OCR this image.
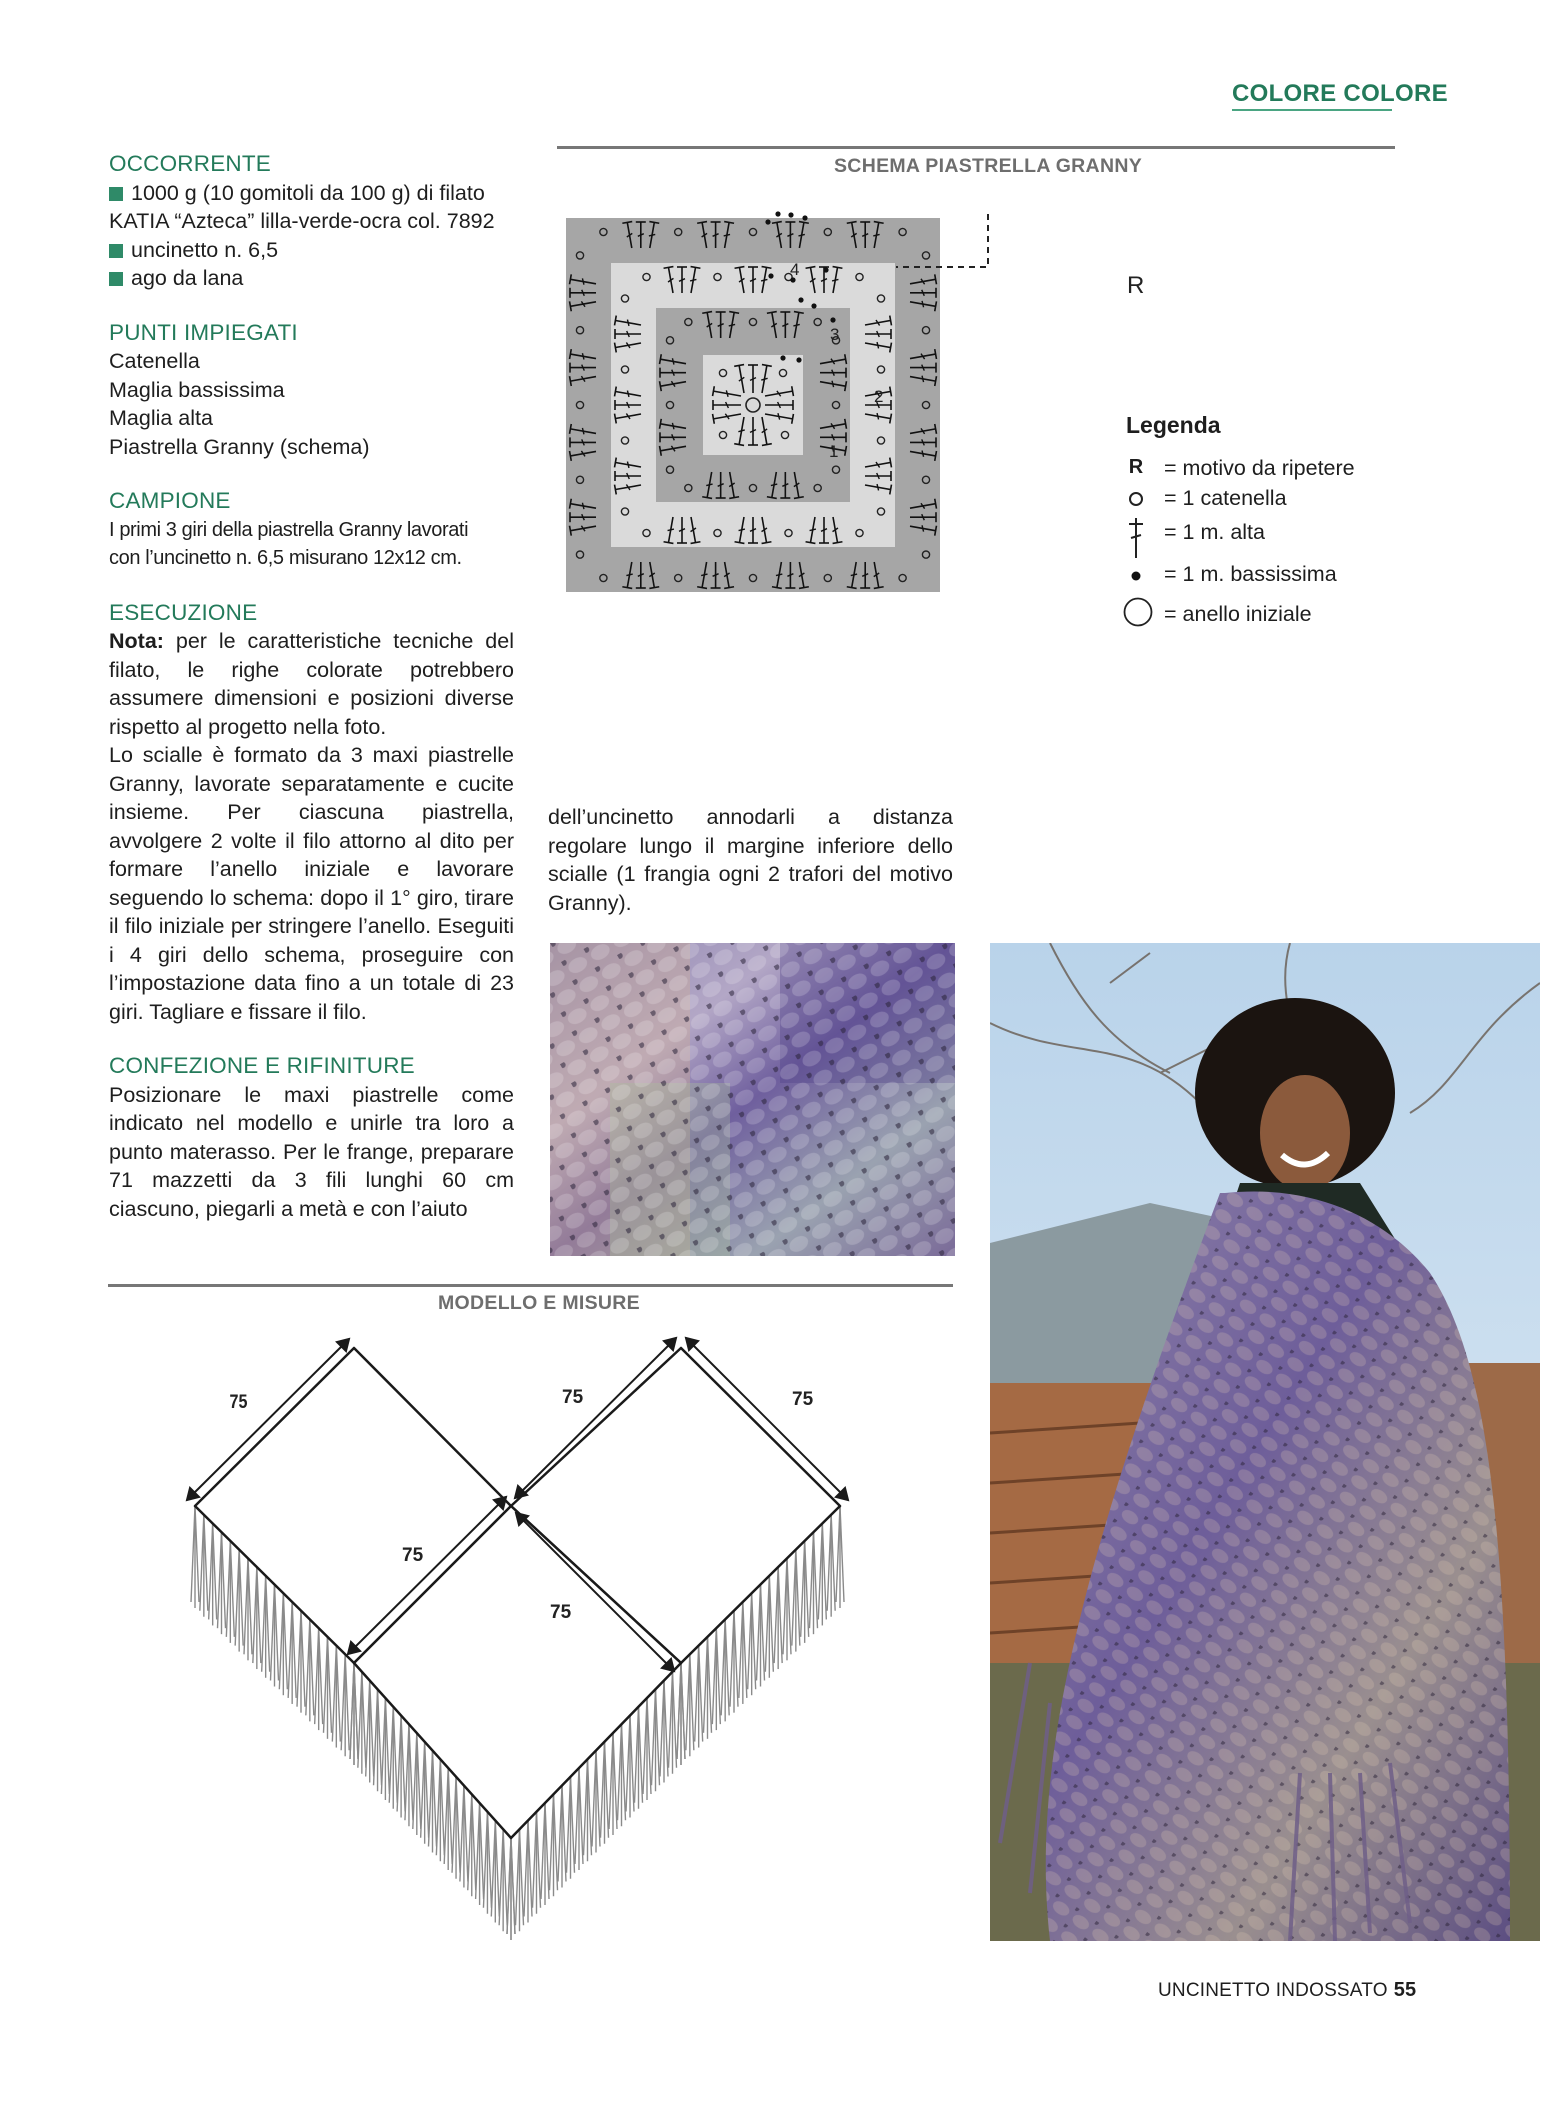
COLORE COLORE
OCCORRENTE
1000 g (10 gomitoli da 100 g) di filato
KATIA “Azteca” lilla-verde-ocra col. 7892
uncinetto n. 6,5
ago da lana
PUNTI IMPIEGATI
Catenella
Maglia bassissima
Maglia alta
Piastrella Granny (schema)
CAMPIONE
I primi 3 giri della piastrella Granny lavorati
con l’uncinetto n. 6,5 misurano 12x12 cm.
ESECUZIONE

Nota: per le caratteristiche tecniche del filato, le righe colorate potrebbero assumere dimensioni e posizioni diverse rispetto al progetto nella foto.

Lo scialle è formato da 3 maxi piastrelle Granny, lavorate separatamente e cucite insieme. Per ciascuna piastrella, avvolgere 2 volte il filo attorno al dito per formare l’anello iniziale e lavorare seguendo lo schema: dopo il 1° giro, tirare il filo iniziale per stringere l’anello. Eseguiti i 4 giri dello schema, proseguire con l’impostazione data fino a un totale di 23 giri. Tagliare e fissare il filo.

CONFEZIONE E RIFINITURE

Posizionare le maxi piastrelle come indicato nel modello e unirle tra loro a punto materasso. Per le frange, preparare 71 mazzetti da 3 fili lunghi 60 cm ciascuno, piegarli a metà e con l’aiuto

SCHEMA PIASTRELLA GRANNY
R
1
2
3
4
Legenda
R = motivo da ripetere
= 1 catenella
= 1 m. alta
= 1 m. bassissima
= anello iniziale
dell’uncinetto annodarli a distanza regolare lungo il margine inferiore dello scialle (1 frangia ogni 2 trafori del motivo Granny).
MODELLO E MISURE
75	75	75
75
75
UNCINETTO INDOSSATO 55
